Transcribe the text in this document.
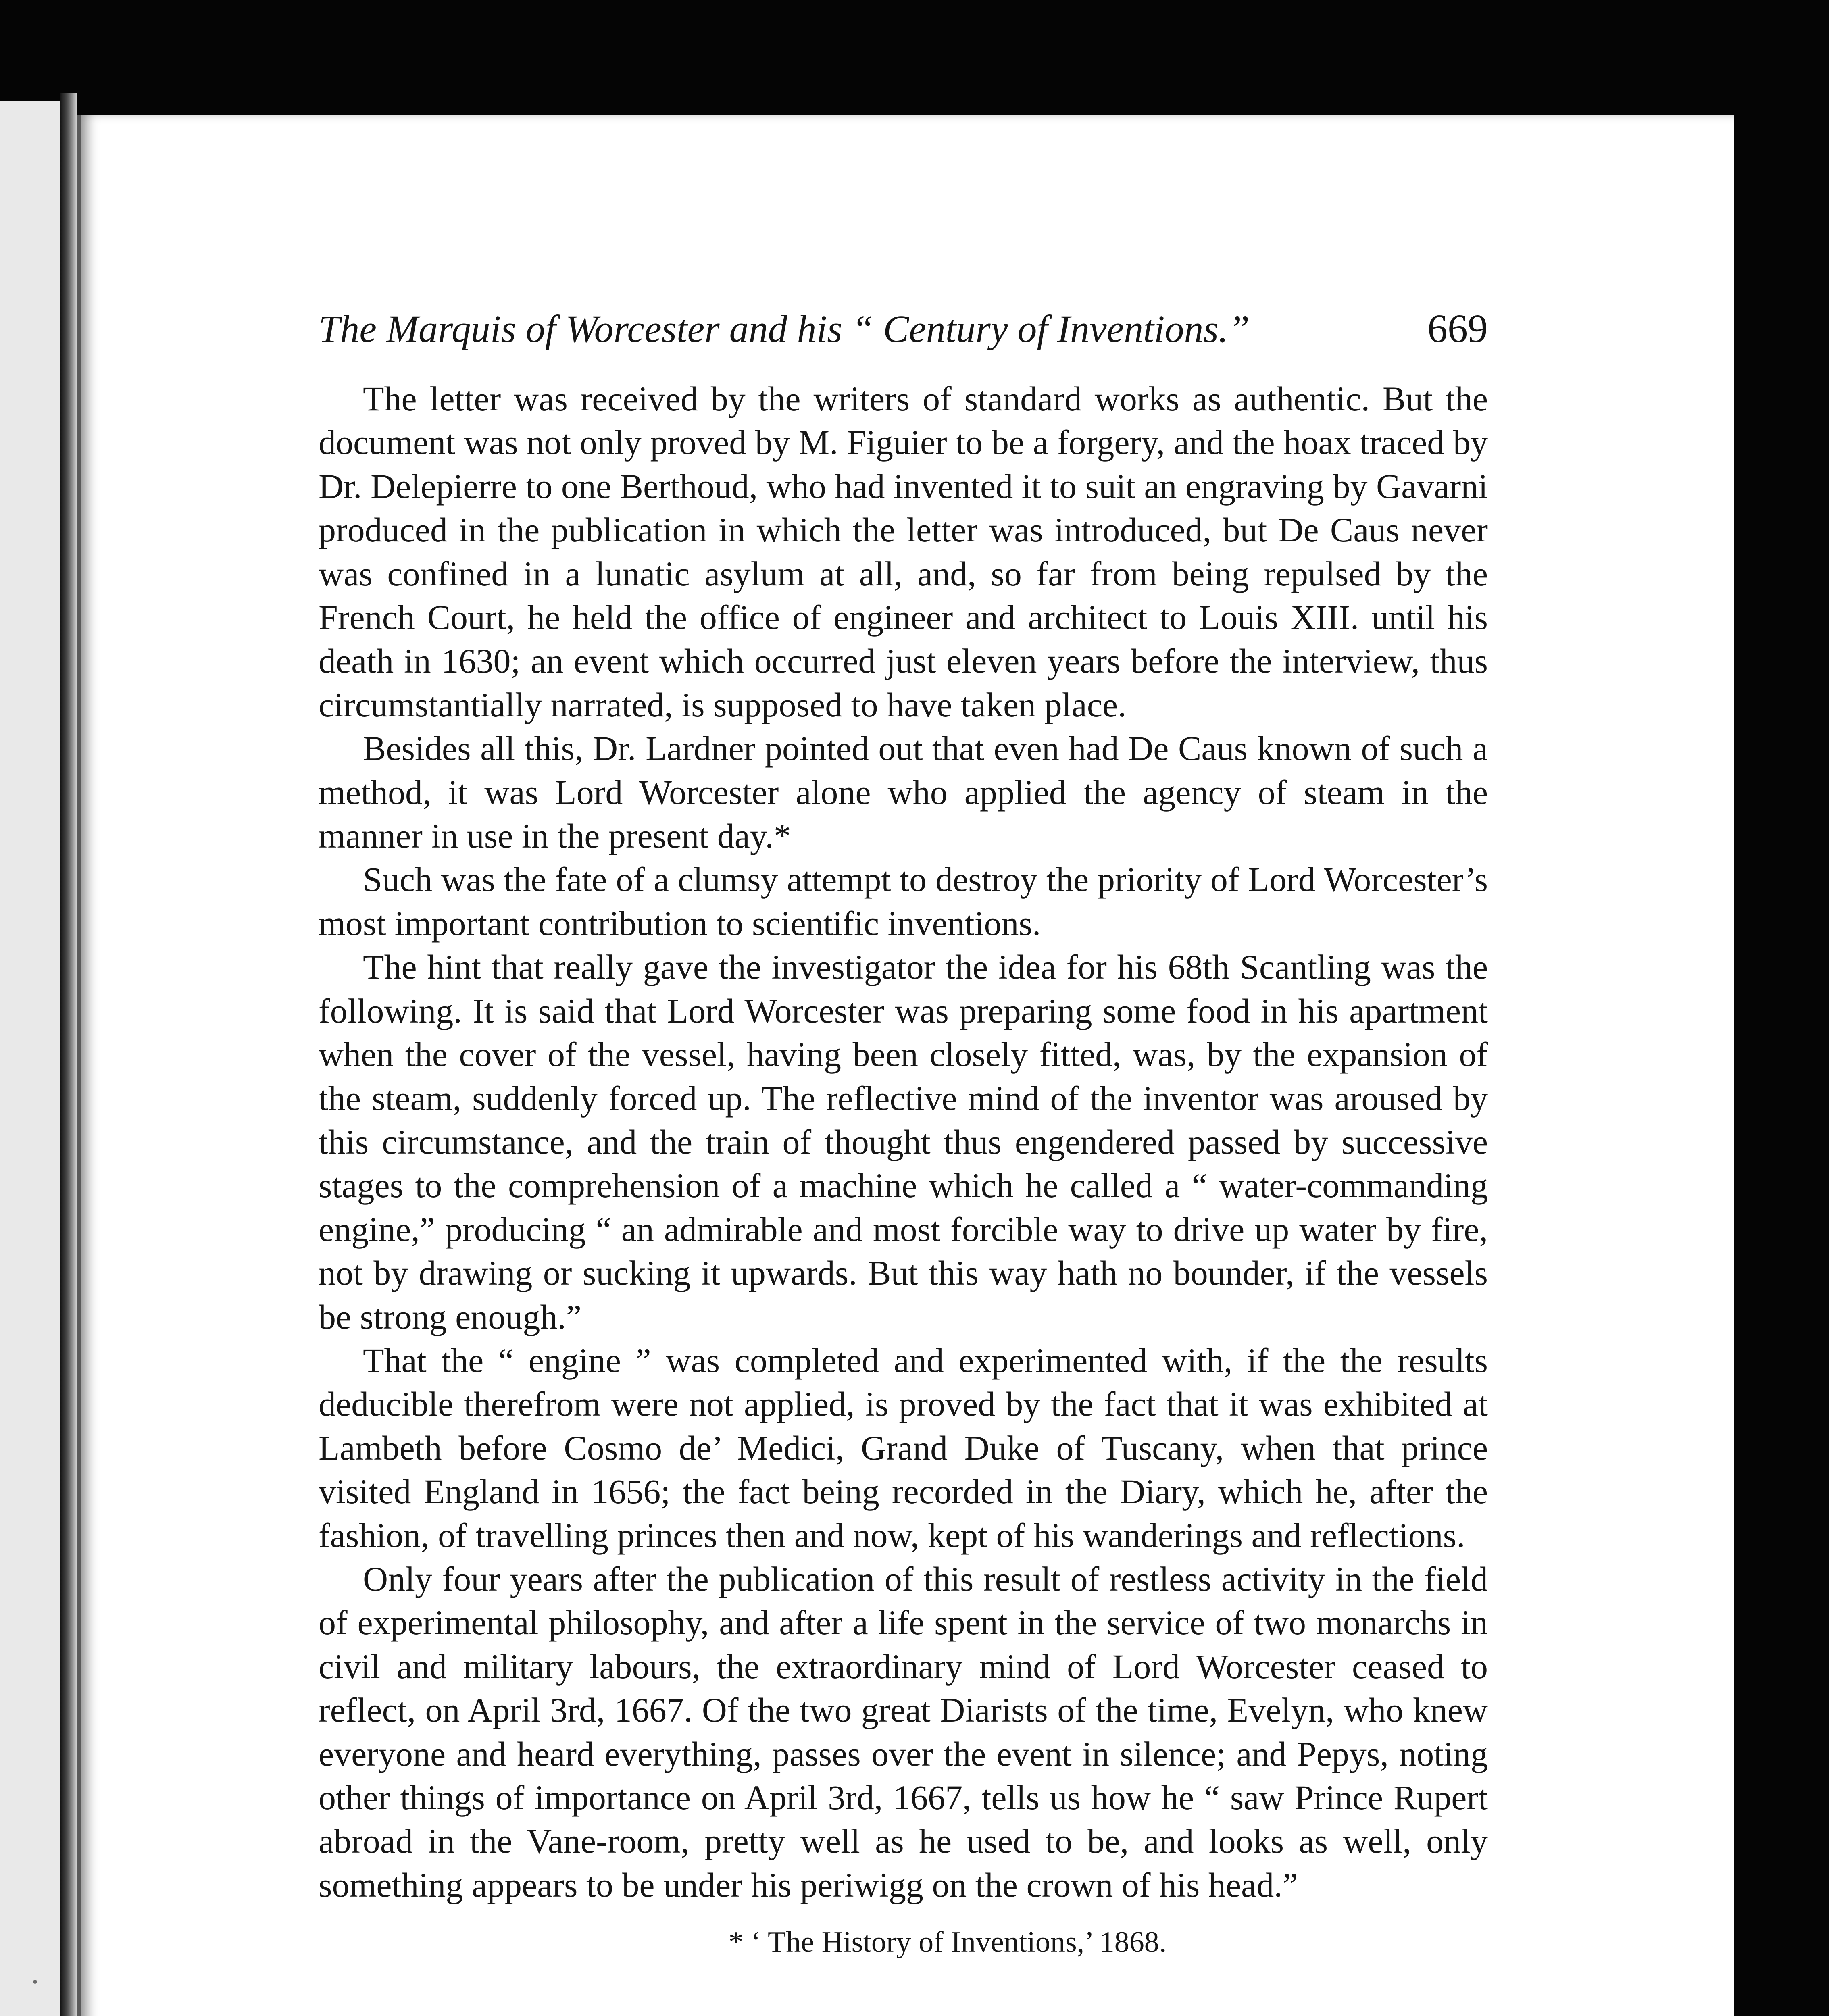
The Marquis of Worcester and his “ Century of Inventions.”	669

The letter was received by the writers of standard works as authentic. But the document was not only proved by M. Figuier to be a forgery, and the hoax traced by Dr. Delepierre to one Berthoud, who had invented it to suit an engraving by Gavarni produced in the publication in which the letter was introduced, but De Caus never was confined in a lunatic asylum at all, and, so far from being repulsed by the French Court, he held the office of engineer and architect to Louis XIII. until his death in 1630; an event which occurred just eleven years before the interview, thus circumstantially narrated, is supposed to have taken place.

Besides all this, Dr. Lardner pointed out that even had De Caus known of such a method, it was Lord Worcester alone who applied the agency of steam in the manner in use in the present day.*

Such was the fate of a clumsy attempt to destroy the priority of Lord Worcester’s most important contribution to scientific inventions.

The hint that really gave the investigator the idea for his 68th Scantling was the following. It is said that Lord Worcester was preparing some food in his apartment when the cover of the vessel, having been closely fitted, was, by the expansion of the steam, suddenly forced up. The reflective mind of the inventor was aroused by this circumstance, and the train of thought thus engendered passed by successive stages to the comprehension of a machine which he called a “ water-commanding engine,” producing “ an admirable and most forcible way to drive up water by fire, not by drawing or sucking it upwards. But this way hath no bounder, if the vessels be strong enough.”

That the “ engine ” was completed and experimented with, if the the results deducible therefrom were not applied, is proved by the fact that it was exhibited at Lambeth before Cosmo de’ Medici, Grand Duke of Tuscany, when that prince visited England in 1656; the fact being recorded in the Diary, which he, after the fashion, of travelling princes then and now, kept of his wanderings and reflections.

Only four years after the publication of this result of restless activity in the field of experimental philosophy, and after a life spent in the service of two monarchs in civil and military labours, the extraordinary mind of Lord Worcester ceased to reflect, on April 3rd, 1667. Of the two great Diarists of the time, Evelyn, who knew everyone and heard everything, passes over the event in silence; and Pepys, noting other things of importance on April 3rd, 1667, tells us how he “ saw Prince Rupert abroad in the Vane-room, pretty well as he used to be, and looks as well, only something appears to be under his periwigg on the crown of his head.”

* ‘ The History of Inventions,’ 1868.
